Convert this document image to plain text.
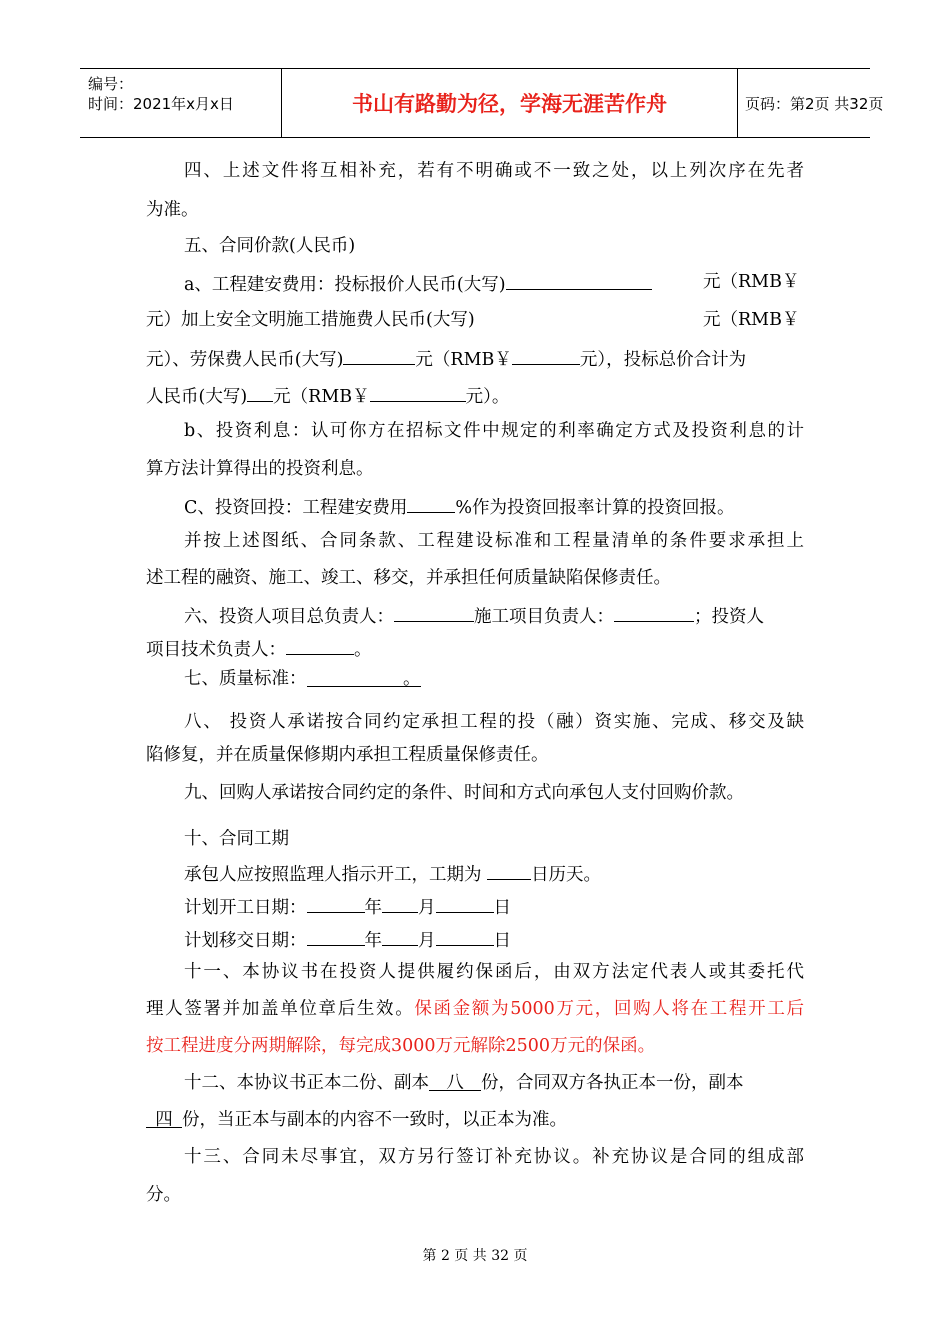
编号：
时间：2021年x月x日	书山有路勤为径，学海无涯苦作舟	页码：第2页 共32页
四、上述文件将互相补充，若有不明确或不一致之处，以上列次序在先者
为准。
五、合同价款(人民币)
a、工程建安费用：投标报价人民币(大写)	元（RMB￥
元）加上安全文明施工措施费人民币(大写)	元（RMB￥
元）、劳保费人民币(大写)	元（RMB￥	元），投标总价合计为
人民币(大写) 元（RMB￥	元）。
b、投资利息：认可你方在招标文件中规定的利率确定方式及投资利息的计
算方法计算得出的投资利息。
C、投资回投：工程建安费用	%作为投资回报率计算的投资回报。
并按上述图纸、合同条款、工程建设标准和工程量清单的条件要求承担上
述工程的融资、施工、竣工、移交，并承担任何质量缺陷保修责任。
六、投资人项目总负责人：	施工项目负责人：	；投资人
项目技术负责人：	。
七、质量标准：	。
八、 投资人承诺按合同约定承担工程的投（融）资实施、完成、移交及缺
陷修复，并在质量保修期内承担工程质量保修责任。
九、回购人承诺按合同约定的条件、时间和方式向承包人支付回购价款。
十、合同工期
承包人应按照监理人指示开工，工期为	日历天。
计划开工日期：	年 月	日
计划移交日期：	年 月	日
十一、本协议书在投资人提供履约保函后，由双方法定代表人或其委托代
理人签署并加盖单位章后生效。保函金额为5000万元，回购人将在工程开工后
按工程进度分两期解除，每完成3000万元解除2500万元的保函。
十二、本协议书正本二份、副本 八 份，合同双方各执正本一份，副本
四 份，当正本与副本的内容不一致时，以正本为准。
十三、合同未尽事宜，双方另行签订补充协议。补充协议是合同的组成部
分。
第 2 页 共 32 页
